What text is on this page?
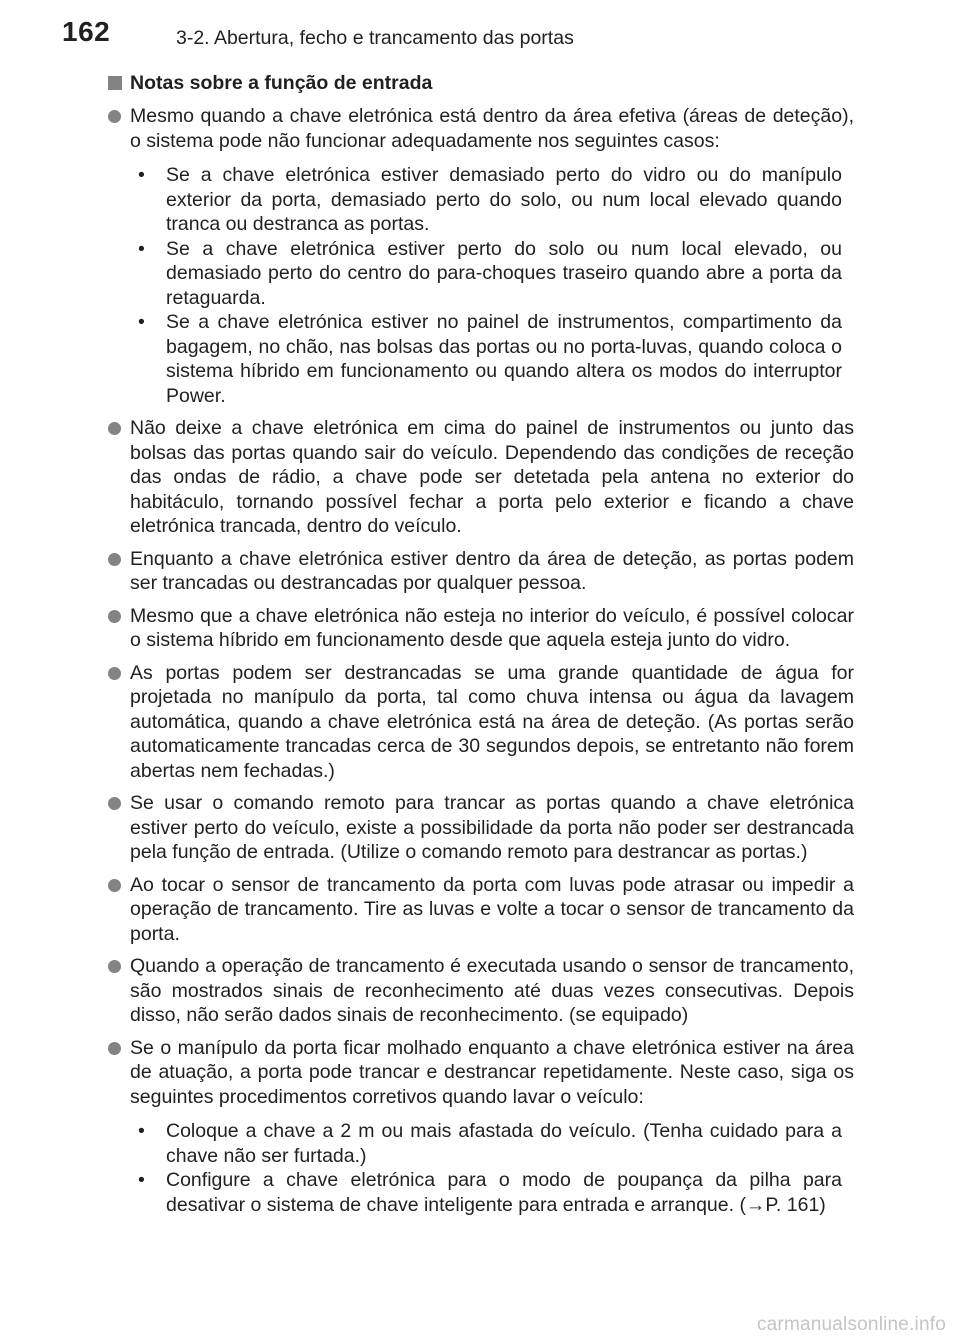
162	3-2. Abertura, fecho e trancamento das portas
Notas sobre a função de entrada
Mesmo quando a chave eletrónica está dentro da área efetiva (áreas de deteção), o sistema pode não funcionar adequadamente nos seguintes casos:
• Se a chave eletrónica estiver demasiado perto do vidro ou do manípulo exterior da porta, demasiado perto do solo, ou num local elevado quando tranca ou destranca as portas.
• Se a chave eletrónica estiver perto do solo ou num local elevado, ou demasiado perto do centro do para-choques traseiro quando abre a porta da retaguarda.
• Se a chave eletrónica estiver no painel de instrumentos, compartimento da bagagem, no chão, nas bolsas das portas ou no porta-luvas, quando coloca o sistema híbrido em funcionamento ou quando altera os modos do interruptor Power.
Não deixe a chave eletrónica em cima do painel de instrumentos ou junto das bolsas das portas quando sair do veículo. Dependendo das condições de receção das ondas de rádio, a chave pode ser detetada pela antena no exterior do habitáculo, tornando possível fechar a porta pelo exterior e ficando a chave eletrónica trancada, dentro do veículo.
Enquanto a chave eletrónica estiver dentro da área de deteção, as portas podem ser trancadas ou destrancadas por qualquer pessoa.
Mesmo que a chave eletrónica não esteja no interior do veículo, é possível colocar o sistema híbrido em funcionamento desde que aquela esteja junto do vidro.
As portas podem ser destrancadas se uma grande quantidade de água for projetada no manípulo da porta, tal como chuva intensa ou água da lavagem automática, quando a chave eletrónica está na área de deteção. (As portas serão automaticamente trancadas cerca de 30 segundos depois, se entretanto não forem abertas nem fechadas.)
Se usar o comando remoto para trancar as portas quando a chave eletrónica estiver perto do veículo, existe a possibilidade da porta não poder ser destrancada pela função de entrada. (Utilize o comando remoto para destrancar as portas.)
Ao tocar o sensor de trancamento da porta com luvas pode atrasar ou impedir a operação de trancamento. Tire as luvas e volte a tocar o sensor de trancamento da porta.
Quando a operação de trancamento é executada usando o sensor de trancamento, são mostrados sinais de reconhecimento até duas vezes consecutivas. Depois disso, não serão dados sinais de reconhecimento. (se equipado)
Se o manípulo da porta ficar molhado enquanto a chave eletrónica estiver na área de atuação, a porta pode trancar e destrancar repetidamente. Neste caso, siga os seguintes procedimentos corretivos quando lavar o veículo:
• Coloque a chave a 2 m ou mais afastada do veículo. (Tenha cuidado para a chave não ser furtada.)
• Configure a chave eletrónica para o modo de poupança da pilha para desativar o sistema de chave inteligente para entrada e arranque. (→P. 161)
carmanualsonline.info
